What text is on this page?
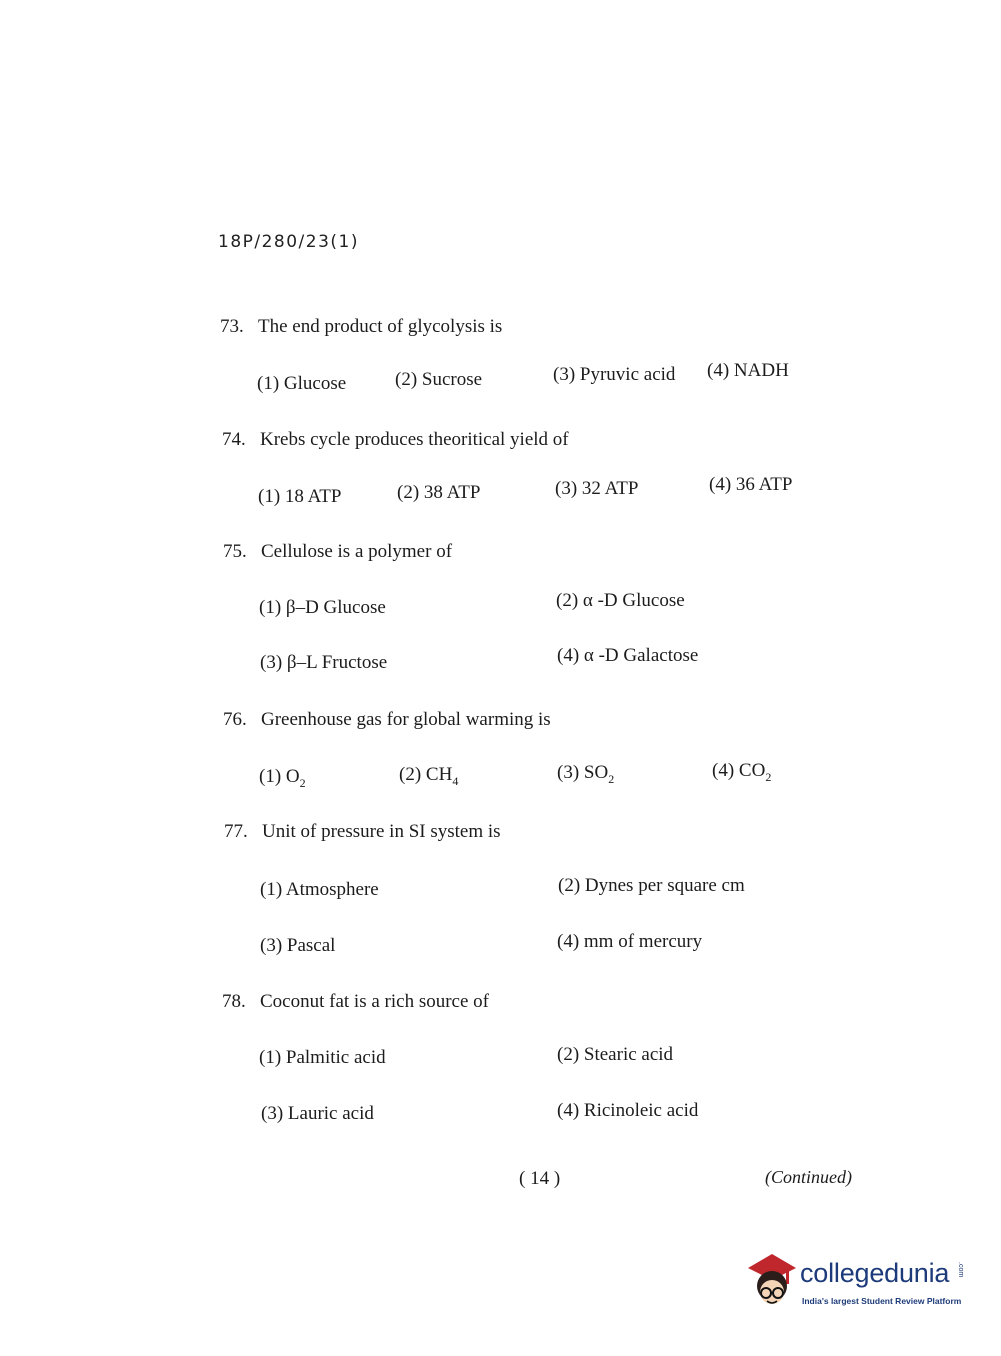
18P/280/23(1)
73. The end product of glycolysis is
(1) Glucose	(2) Sucrose	(3) Pyruvic acid (4) NADH
74. Krebs cycle produces theoritical yield of
(1) 18 ATP	(2) 38 ATP	(3) 32 ATP	(4) 36 ATP
75. Cellulose is a polymer of
(1) β–D Glucose	(2) α -D Glucose
(3) β–L Fructose	(4) α -D Galactose
76. Greenhouse gas for global warming is
(1) $O_2$	(2) $CH_4$	(3) $SO_2$	(4) $CO_2$
77. Unit of pressure in SI system is
(1) Atmosphere	(2) Dynes per square cm
(3) Pascal	(4) mm of mercury
78. Coconut fat is a rich source of
(1) Palmitic acid	(2) Stearic acid
(3) Lauric acid	(4) Ricinoleic acid
( 14 )	(Continued)
collegedunia .com
India's largest Student Review Platform
